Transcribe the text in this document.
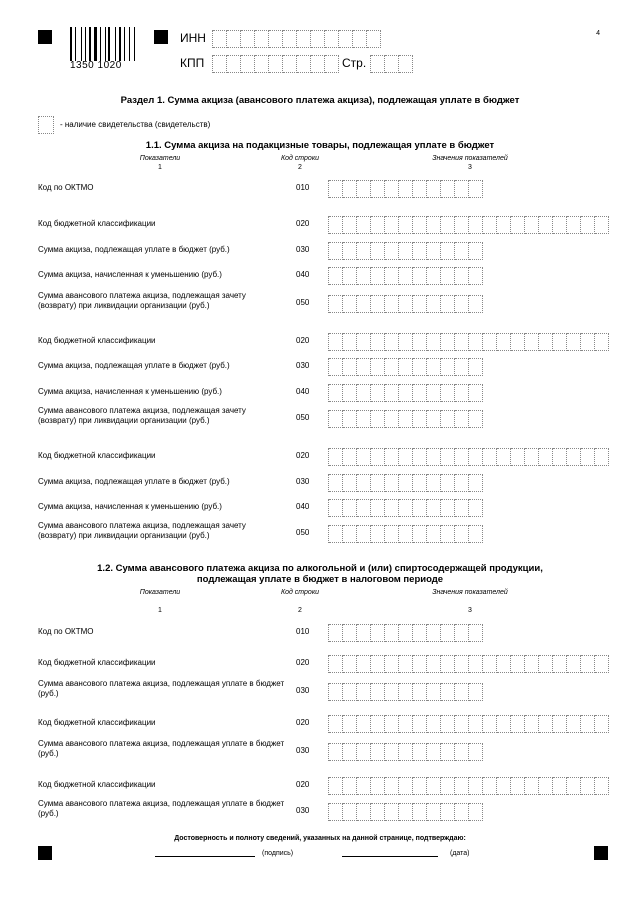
1350 1020
4
ИНН
КПП	Стр.
Раздел 1. Сумма акциза (авансового платежа акциза), подлежащая уплате в бюджет
- наличие свидетельства (свидетельств)
1.1. Сумма акциза на подакцизные товары, подлежащая уплате в бюджет
Показатели	Код строки	Значения показателей
1	2	3
Код по ОКТМО	010
Код бюджетной классификации	020
Сумма акциза, подлежащая уплате в бюджет (руб.)	030
Сумма акциза, начисленная к уменьшению (руб.)	040
Сумма авансового платежа акциза, подлежащая зачету (возврату) при ликвидации организации (руб.)	050
Код бюджетной классификации	020
Сумма акциза, подлежащая уплате в бюджет (руб.)	030
Сумма акциза, начисленная к уменьшению (руб.)	040
Сумма авансового платежа акциза, подлежащая зачету (возврату) при ликвидации организации (руб.)	050
Код бюджетной классификации	020
Сумма акциза, подлежащая уплате в бюджет (руб.)	030
Сумма акциза, начисленная к уменьшению (руб.)	040
Сумма авансового платежа акциза, подлежащая зачету (возврату) при ликвидации организации (руб.)	050
1.2. Сумма авансового платежа акциза по алкогольной и (или) спиртосодержащей продукции,
подлежащая уплате в бюджет в налоговом периоде
Показатели	Код строки	Значения показателей
1	2	3
Код по ОКТМО	010
Код бюджетной классификации	020
Сумма авансового платежа акциза, подлежащая уплате в бюджет (руб.)	030
Код бюджетной классификации	020
Сумма авансового платежа акциза, подлежащая уплате в бюджет (руб.)	030
Код бюджетной классификации	020
Сумма авансового платежа акциза, подлежащая уплате в бюджет (руб.)	030
Достоверность и полноту сведений, указанных на данной странице, подтверждаю:
(подпись)	(дата)
